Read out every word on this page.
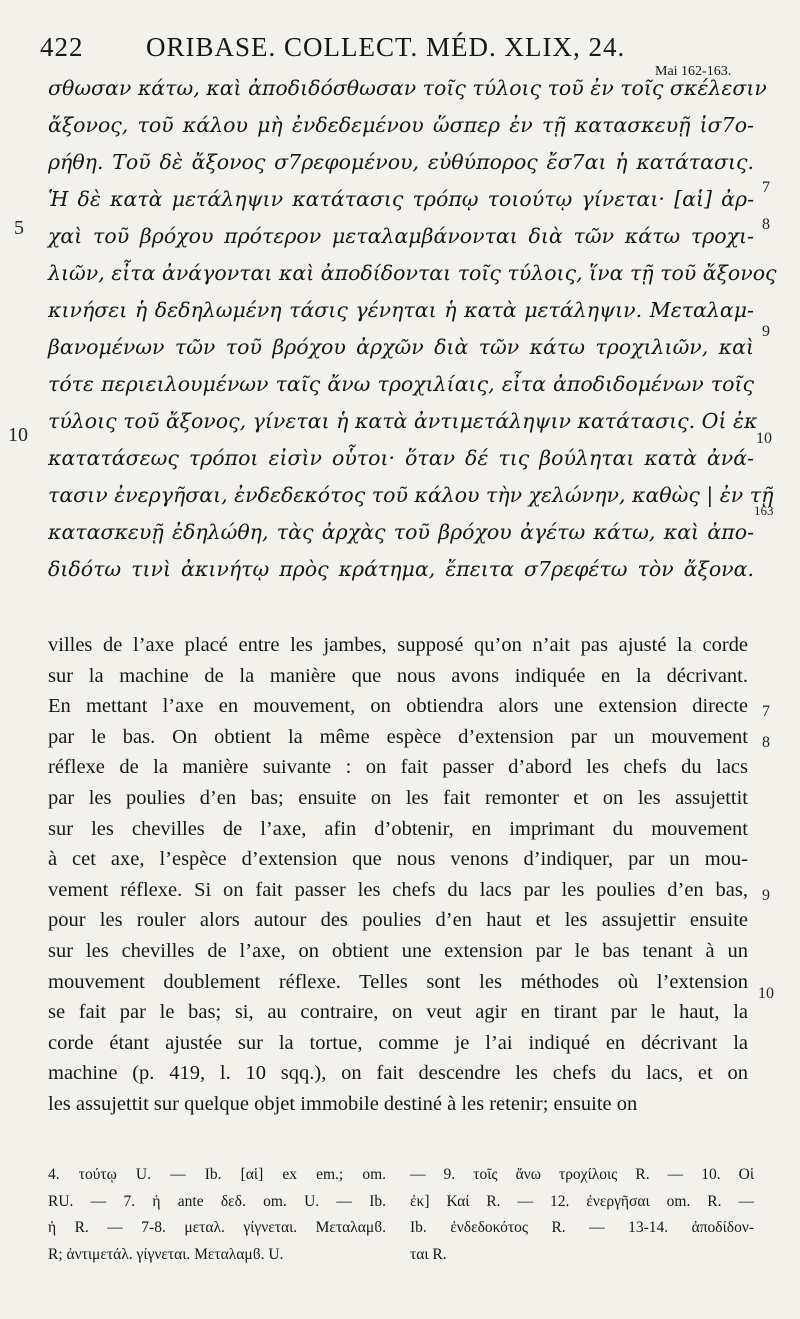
422 ORIBASE. COLLECT. MÉD. XLIX, 24.
Mai 162-163.
σθωσαν κάτω, καὶ ἀποδιδόσθωσαν τοῖς τύλοις τοῦ ἐν τοῖς σκέλεσιν
ἄξονος, τοῦ κάλου μὴ ἐνδεδεμένου ὥσπερ ἐν τῇ κατασκευῇ ἰσ7ο-
ρήθη. Τοῦ δὲ ἄξονος σ7ρεφομένου, εὐθύπορος ἔσ7αι ἡ κατάτασις.
Ἡ δὲ κατὰ μετάληψιν κατάτασις τρόπῳ τοιούτῳ γίνεται· [αἱ] ἀρ-
χαὶ τοῦ βρόχου πρότερον μεταλαμβάνονται διὰ τῶν κάτω τροχι-
λιῶν, εἶτα ἀνάγονται καὶ ἀποδίδονται τοῖς τύλοις, ἵνα τῇ τοῦ ἄξονος
κινήσει ἡ δεδηλωμένη τάσις γένηται ἡ κατὰ μετάληψιν. Μεταλαμ-
βανομένων τῶν τοῦ βρόχου ἀρχῶν διὰ τῶν κάτω τροχιλιῶν, καὶ
τότε περιειλουμένων ταῖς ἄνω τροχιλίαις, εἶτα ἀποδιδομένων τοῖς
τύλοις τοῦ ἄξονος, γίνεται ἡ κατὰ ἀντιμετάληψιν κατάτασις. Οἱ ἐκ
κατατάσεως τρόποι εἰσὶν οὗτοι· ὅταν δέ τις βούληται κατὰ ἀνά-
τασιν ἐνεργῆσαι, ἐνδεδεκότος τοῦ κάλου τὴν χελώνην, καθὼς | ἐν τῇ
κατασκευῇ ἐδηλώθη, τὰς ἀρχὰς τοῦ βρόχου ἀγέτω κάτω, καὶ ἀπο-
διδότω τινὶ ἀκινήτῳ πρὸς κράτημα, ἔπειτα σ7ρεφέτω τὸν ἄξονα.
5
10
7
8
9
10
163
villes de l’axe placé entre les jambes, supposé qu’on n’ait pas ajusté la corde
sur la machine de la manière que nous avons indiquée en la décrivant.
En mettant l’axe en mouvement, on obtiendra alors une extension directe
par le bas. On obtient la même espèce d’extension par un mouvement
réflexe de la manière suivante : on fait passer d’abord les chefs du lacs
par les poulies d’en bas; ensuite on les fait remonter et on les assujettit
sur les chevilles de l’axe, afin d’obtenir, en imprimant du mouvement
à cet axe, l’espèce d’extension que nous venons d’indiquer, par un mou-
vement réflexe. Si on fait passer les chefs du lacs par les poulies d’en bas,
pour les rouler alors autour des poulies d’en haut et les assujettir ensuite
sur les chevilles de l’axe, on obtient une extension par le bas tenant à un
mouvement doublement réflexe. Telles sont les méthodes où l’extension
se fait par le bas; si, au contraire, on veut agir en tirant par le haut, la
corde étant ajustée sur la tortue, comme je l’ai indiqué en décrivant la
machine (p. 419, l. 10 sqq.), on fait descendre les chefs du lacs, et on
les assujettit sur quelque objet immobile destiné à les retenir; ensuite on
7
8
9
10
4. τούτῳ U. — Ib. [αἱ] ex em.; om.
RU. — 7. ἡ ante δεδ. om. U. — Ib.
ἡ R. — 7-8. μεταλ. γίγνεται. Μεταλαμϐ.
R; ἀντιμετάλ. γίγνεται. Μεταλαμϐ. U.
— 9. τοῖς ἄνω τροχίλοις R. — 10. Οἱ
ἐκ] Καί R. — 12. ἐνεργῆσαι om. R. —
Ib. ἐνδεδοκότος R. — 13-14. ἀποδίδον-
ται R.
